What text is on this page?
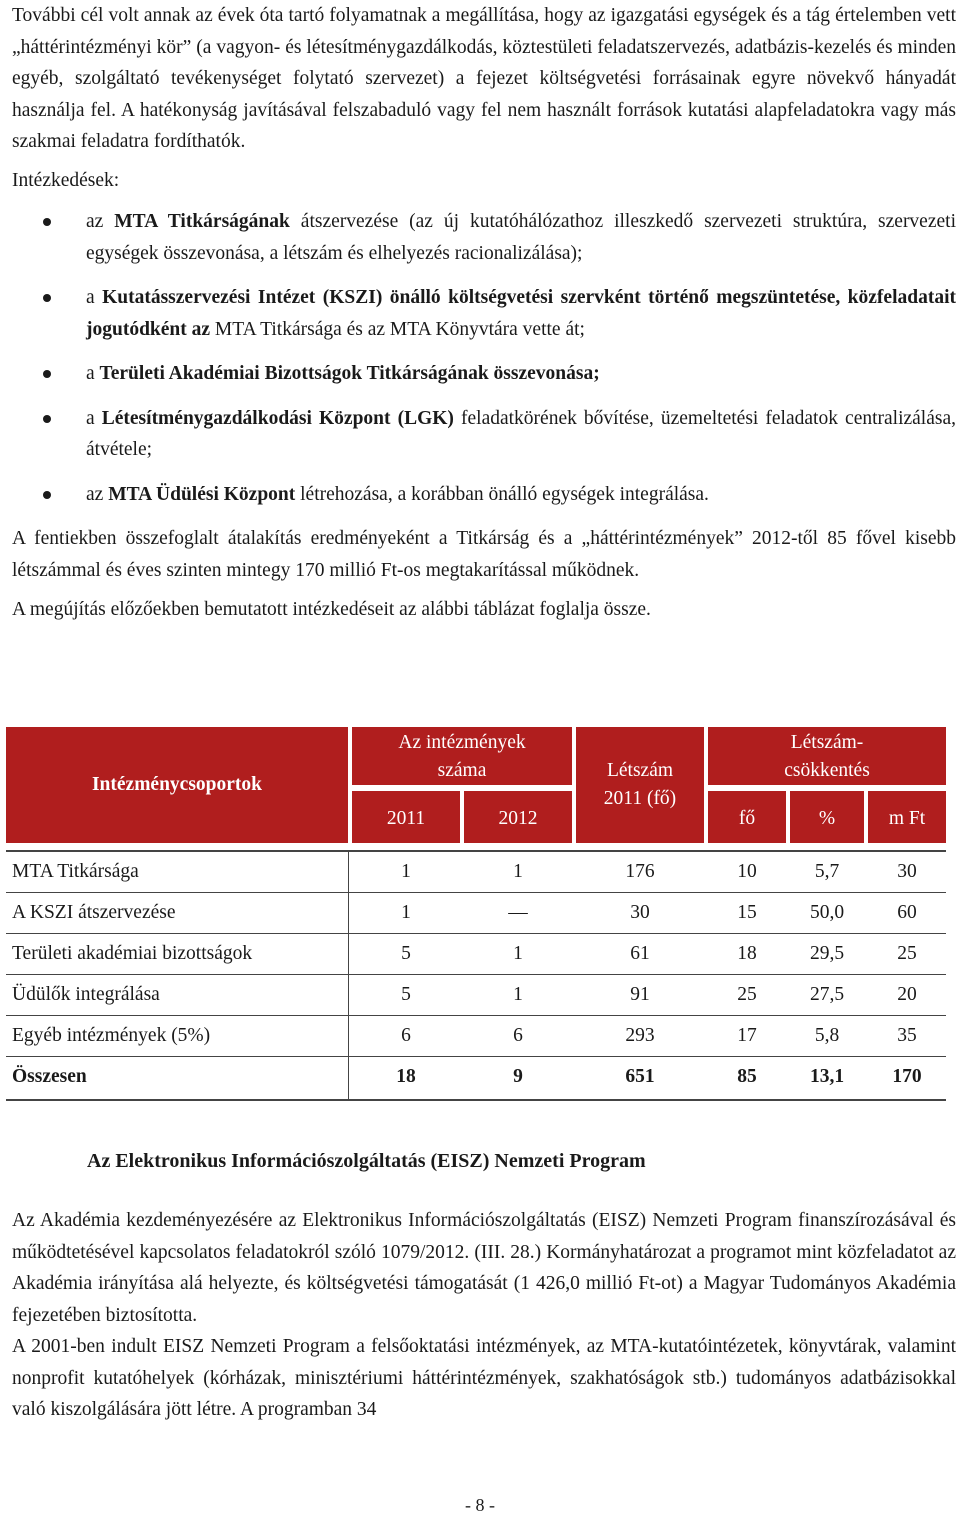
További cél volt annak az évek óta tartó folyamatnak a megállítása, hogy az igazgatási egységek és a tág értelemben vett „háttérintézményi kör” (a vagyon- és létesítménygazdálkodás, köztestületi feladatszervezés, adatbázis-kezelés és minden egyéb, szolgáltató tevékenységet folytató szervezet) a fejezet költségvetési forrásainak egyre növekvő hányadát használja fel. A hatékonyság javításával felszabaduló vagy fel nem használt források kutatási alapfeladatokra vagy más szakmai feladatra fordíthatók.

Intézkedések:

az MTA Titkárságának átszervezése (az új kutatóhálózathoz illeszkedő szervezeti struktúra, szervezeti egységek összevonása, a létszám és elhelyezés racionalizálása);
a Kutatásszervezési Intézet (KSZI) önálló költségvetési szervként történő megszüntetése, közfeladatait jogutódként az MTA Titkársága és az MTA Könyvtára vette át;
a Területi Akadémiai Bizottságok Titkárságának összevonása;
a Létesítménygazdálkodási Központ (LGK) feladatkörének bővítése, üzemeltetési feladatok centralizálása, átvétele;
az MTA Üdülési Központ létrehozása, a korábban önálló egységek integrálása.

A fentiekben összefoglalt átalakítás eredményeként a Titkárság és a „háttérintézmények” 2012-től 85 fővel kisebb létszámmal és éves szinten mintegy 170 millió Ft-os megtakarítással működnek.

A megújítás előzőekben bemutatott intézkedéseit az alábbi táblázat foglalja össze.

Intézménycsoportok
Az intézmények száma
2011	2012
Létszám 2011 (fő)
Létszám-csökkentés
fő	%	m Ft
MTA Titkársága	1	1	176	10	5,7	30
A KSZI átszervezése	1	—	30	15	50,0	60
Területi akadémiai bizottságok	5	1	61	18	29,5	25
Üdülők integrálása	5	1	91	25	27,5	20
Egyéb intézmények (5%)	6	6	293	17	5,8	35
Összesen	18	9	651	85	13,1	170
Az Elektronikus Információszolgáltatás (EISZ) Nemzeti Program

Az Akadémia kezdeményezésére az Elektronikus Információszolgáltatás (EISZ) Nemzeti Program finanszírozásával és működtetésével kapcsolatos feladatokról szóló 1079/2012. (III. 28.) Kormányhatározat a programot mint közfeladatot az Akadémia irányítása alá helyezte, és költségvetési támogatását (1 426,0 millió Ft-ot) a Magyar Tudományos Akadémia fejezetében biztosította.

A 2001-ben indult EISZ Nemzeti Program a felsőoktatási intézmények, az MTA-kutatóintézetek, könyvtárak, valamint nonprofit kutatóhelyek (kórházak, minisztériumi háttérintézmények, szakhatóságok stb.) tudományos adatbázisokkal való kiszolgálására jött létre. A programban 34

- 8 -
